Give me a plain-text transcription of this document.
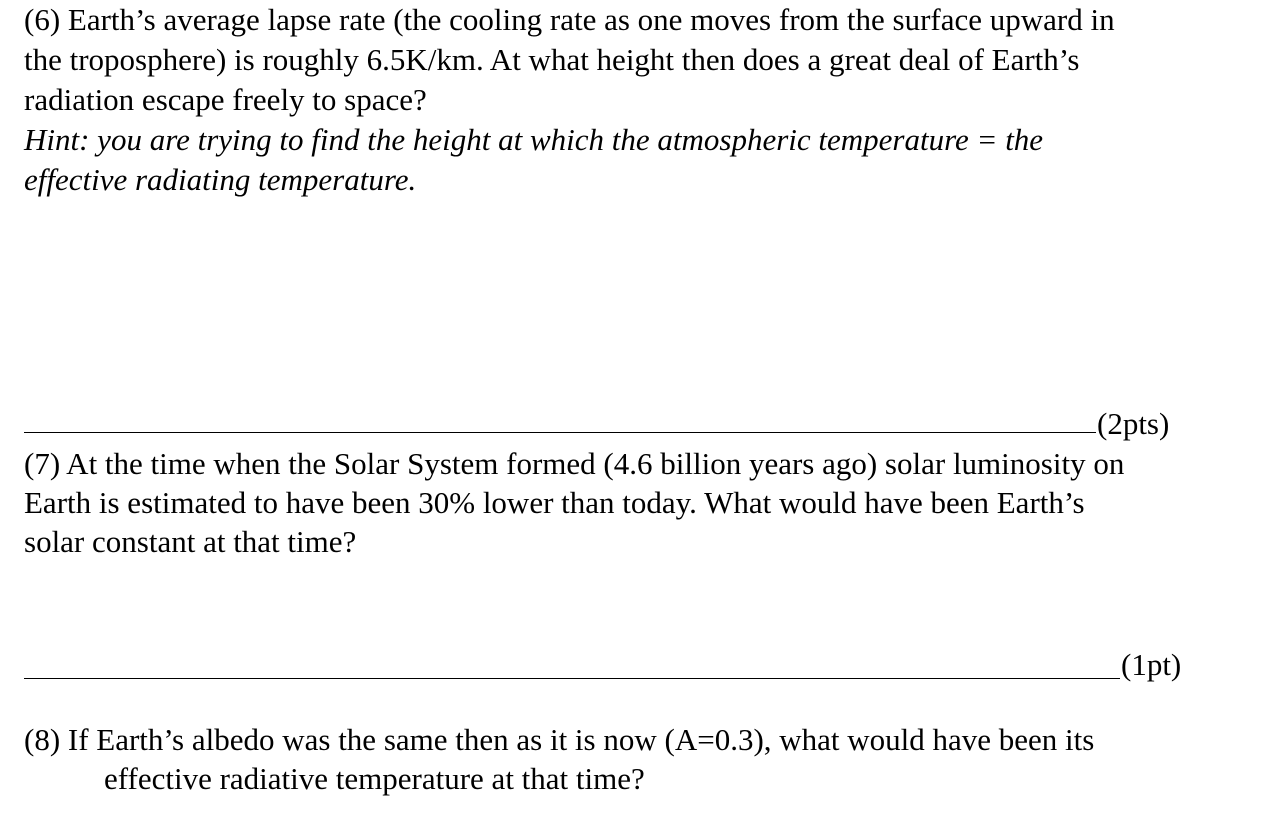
(6) Earth’s average lapse rate (the cooling rate as one moves from the surface upward in
the troposphere) is roughly 6.5K/km. At what height then does a great deal of Earth’s
radiation escape freely to space?
Hint: you are trying to find the height at which the atmospheric temperature = the
effective radiating temperature.
(2pts)
(7) At the time when the Solar System formed (4.6 billion years ago) solar luminosity on
Earth is estimated to have been 30% lower than today. What would have been Earth’s
solar constant at that time?
(1pt)
(8) If Earth’s albedo was the same then as it is now (A=0.3), what would have been its
effective radiative temperature at that time?
